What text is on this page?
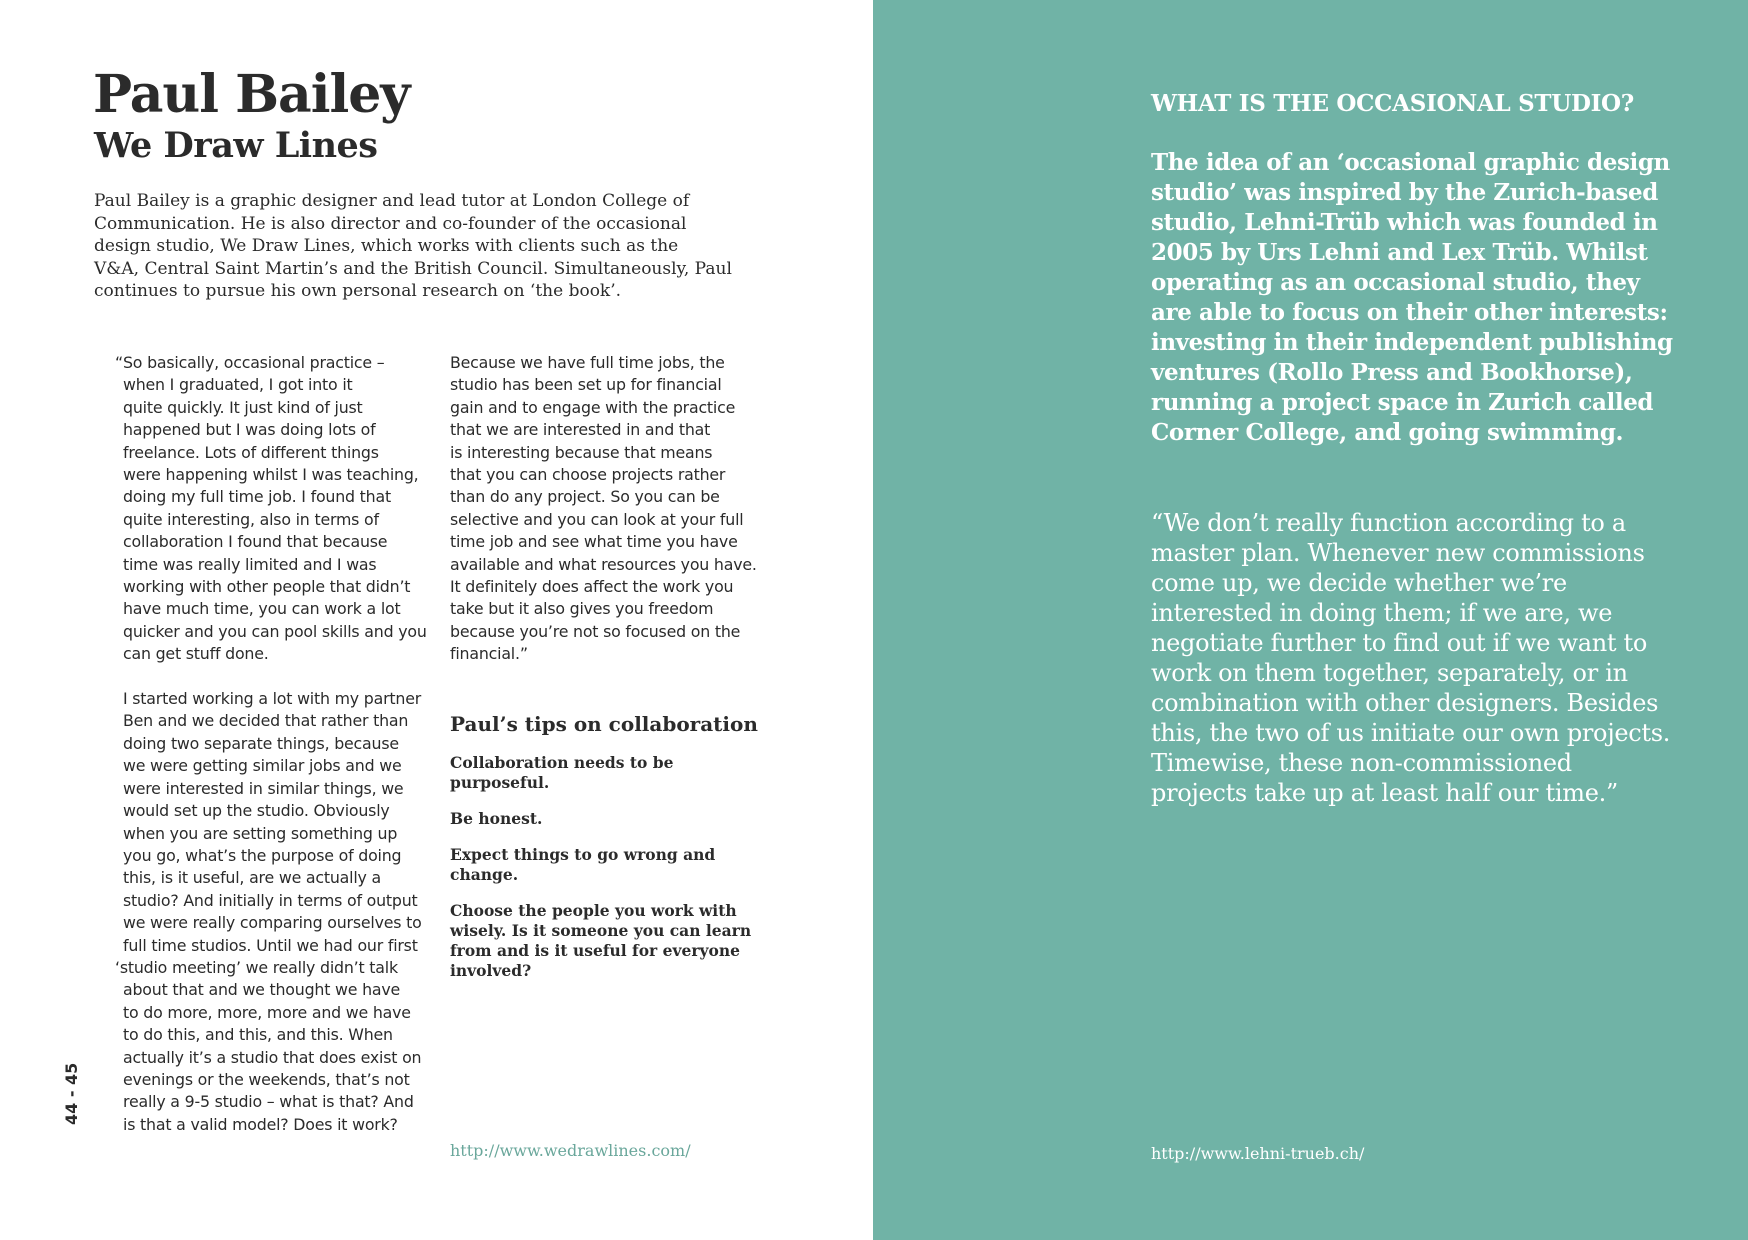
Paul Bailey
We Draw Lines

Paul Bailey is a graphic designer and lead tutor at London College of
Communication. He is also director and co-founder of the occasional
design studio, We Draw Lines, which works with clients such as the
V&A, Central Saint Martin’s and the British Council. Simultaneously, Paul
continues to pursue his own personal research on ‘the book’.

“So basically, occasional practice –
when I graduated, I got into it
quite quickly. It just kind of just
happened but I was doing lots of
freelance. Lots of different things
were happening whilst I was teaching,
doing my full time job. I found that
quite interesting, also in terms of
collaboration I found that because
time was really limited and I was
working with other people that didn’t
have much time, you can work a lot
quicker and you can pool skills and you
can get stuff done.
I started working a lot with my partner
Ben and we decided that rather than
doing two separate things, because
we were getting similar jobs and we
were interested in similar things, we
would set up the studio. Obviously
when you are setting something up
you go, what’s the purpose of doing
this, is it useful, are we actually a
studio? And initially in terms of output
we were really comparing ourselves to
full time studios. Until we had our first
‘studio meeting’ we really didn’t talk
about that and we thought we have
to do more, more, more and we have
to do this, and this, and this. When
actually it’s a studio that does exist on
evenings or the weekends, that’s not
really a 9-5 studio – what is that? And
is that a valid model? Does it work?
Because we have full time jobs, the
studio has been set up for financial
gain and to engage with the practice
that we are interested in and that
is interesting because that means
that you can choose projects rather
than do any project. So you can be
selective and you can look at your full
time job and see what time you have
available and what resources you have.
It definitely does affect the work you
take but it also gives you freedom
because you’re not so focused on the
financial.”
Paul’s tips on collaboration
Collaboration needs to be
purposeful.
Be honest.
Expect things to go wrong and
change.
Choose the people you work with
wisely. Is it someone you can learn
from and is it useful for everyone
involved?
http://www.wedrawlines.com/
44 - 45
WHAT IS THE OCCASIONAL STUDIO?

The idea of an ‘occasional graphic design
studio’ was inspired by the Zurich-based
studio, Lehni-Trüb which was founded in
2005 by Urs Lehni and Lex Trüb. Whilst
operating as an occasional studio, they
are able to focus on their other interests:
investing in their independent publishing
ventures (Rollo Press and Bookhorse),
running a project space in Zurich called
Corner College, and going swimming.

“We don’t really function according to a
master plan. Whenever new commissions
come up, we decide whether we’re
interested in doing them; if we are, we
negotiate further to find out if we want to
work on them together, separately, or in
combination with other designers. Besides
this, the two of us initiate our own projects.
Timewise, these non-commissioned
projects take up at least half our time.”

http://www.lehni-trueb.ch/
